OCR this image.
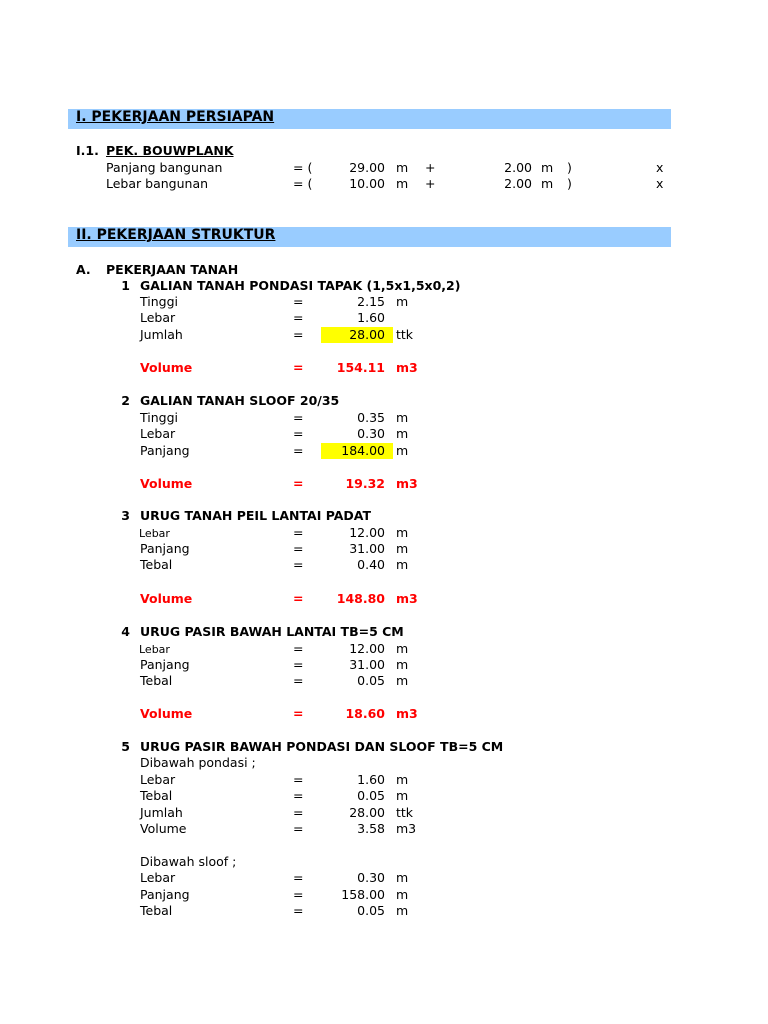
I. PEKERJAAN PERSIAPAN
I.1. PEK. BOUWPLANK
Panjang bangunan	= (	29.00 m +	2.00 m )	x
Lebar bangunan	= (	10.00 m +	2.00 m )	x
II. PEKERJAAN STRUKTUR
A. PEKERJAAN TANAH
1 GALIAN TANAH PONDASI TAPAK (1,5x1,5x0,2)
Tinggi	=	2.15 m
Lebar	=	1.60
Jumlah	=	28.00 ttk
Volume	=	154.11 m3
2 GALIAN TANAH SLOOF 20/35
Tinggi	=	0.35 m
Lebar	=	0.30 m
Panjang	=	184.00 m
Volume	=	19.32 m3
3 URUG TANAH PEIL LANTAI PADAT
Lebar	=	12.00 m
Panjang	=	31.00 m
Tebal	=	0.40 m
Volume	=	148.80 m3
4 URUG PASIR BAWAH LANTAI TB=5 CM
Lebar	=	12.00 m
Panjang	=	31.00 m
Tebal	=	0.05 m
Volume	=	18.60 m3
5 URUG PASIR BAWAH PONDASI DAN SLOOF TB=5 CM
Dibawah pondasi ;
Lebar	=	1.60 m
Tebal	=	0.05 m
Jumlah	=	28.00 ttk
Volume	=	3.58 m3
Dibawah sloof ;
Lebar	=	0.30 m
Panjang	=	158.00 m
Tebal	=	0.05 m
